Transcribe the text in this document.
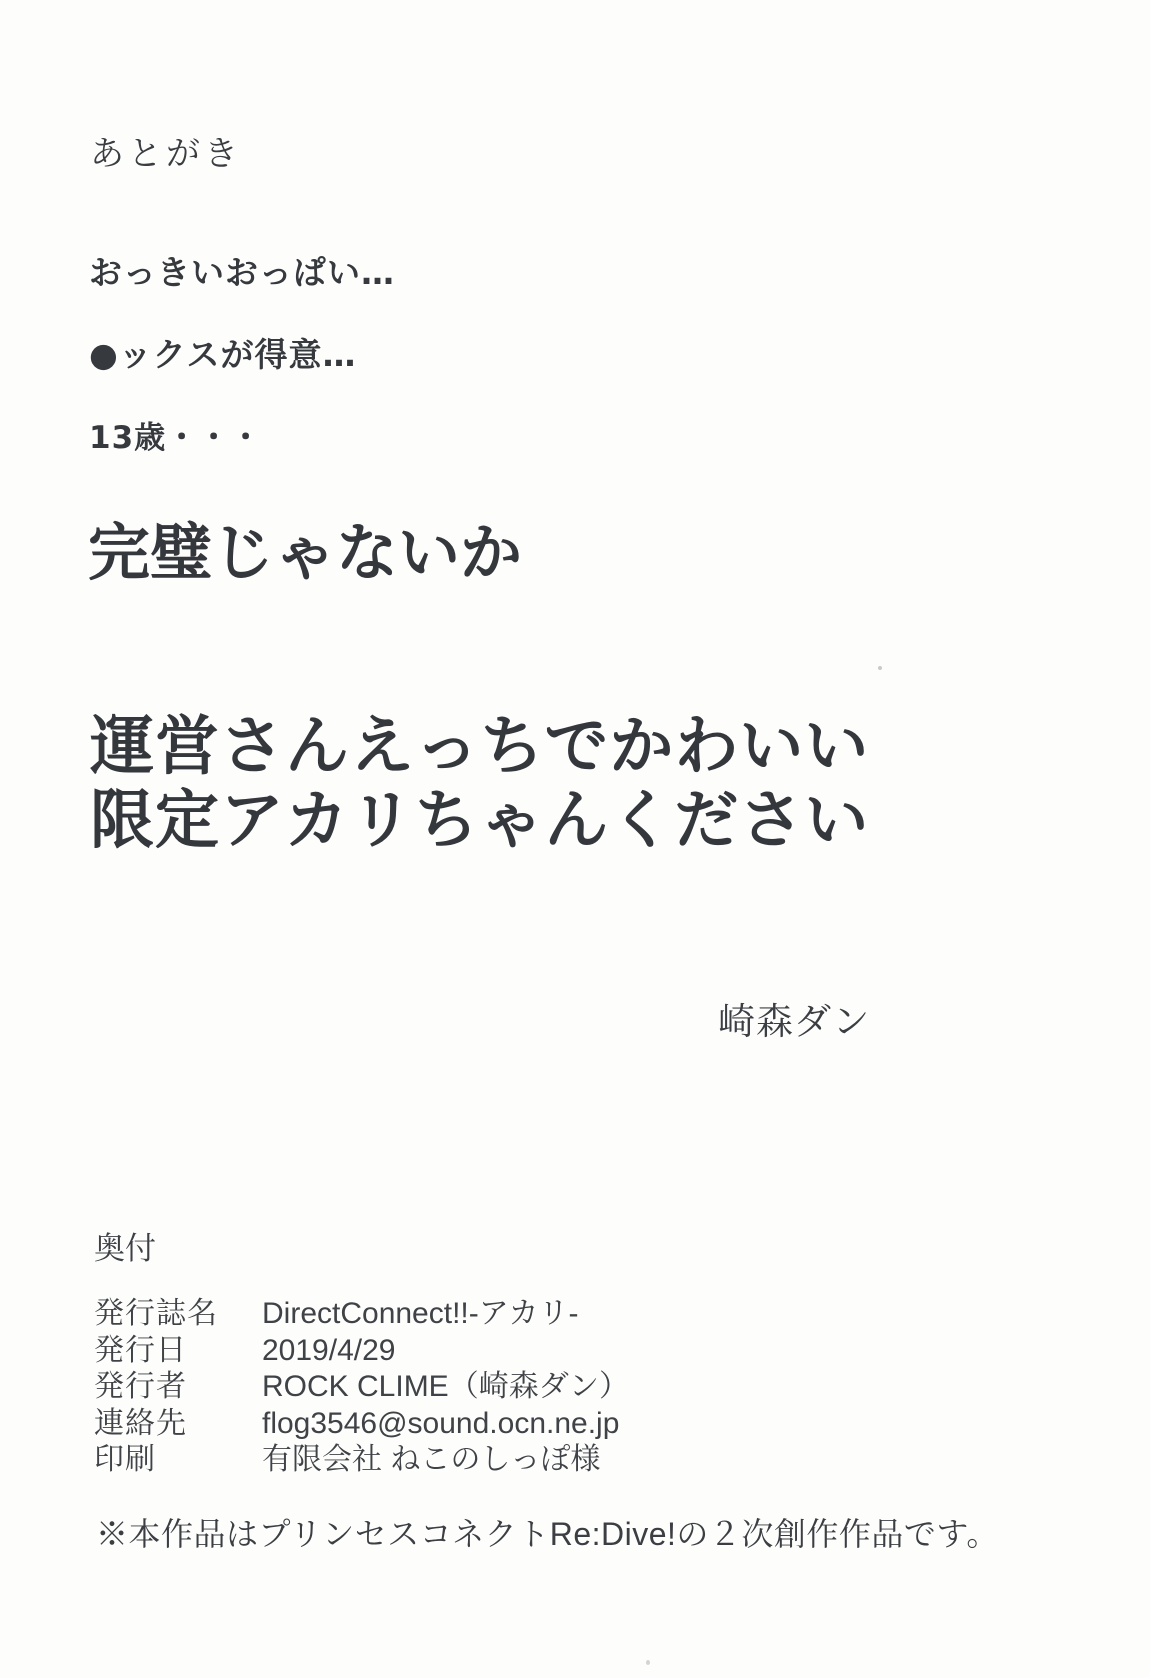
あとがき
おっきいおっぱい…
●ックスが得意…
13歳・・・
完璧じゃないか
運営さんえっちでかわいい
限定アカリちゃんください
崎森ダン
奥付
発行誌名	DirectConnect!!-アカリ-
発行日	2019/4/29
発行者	ROCK CLIME（崎森ダン）
連絡先	flog3546@sound.ocn.ne.jp
印刷	有限会社 ねこのしっぽ様
※本作品はプリンセスコネクトRe:Dive!の２次創作作品です。
